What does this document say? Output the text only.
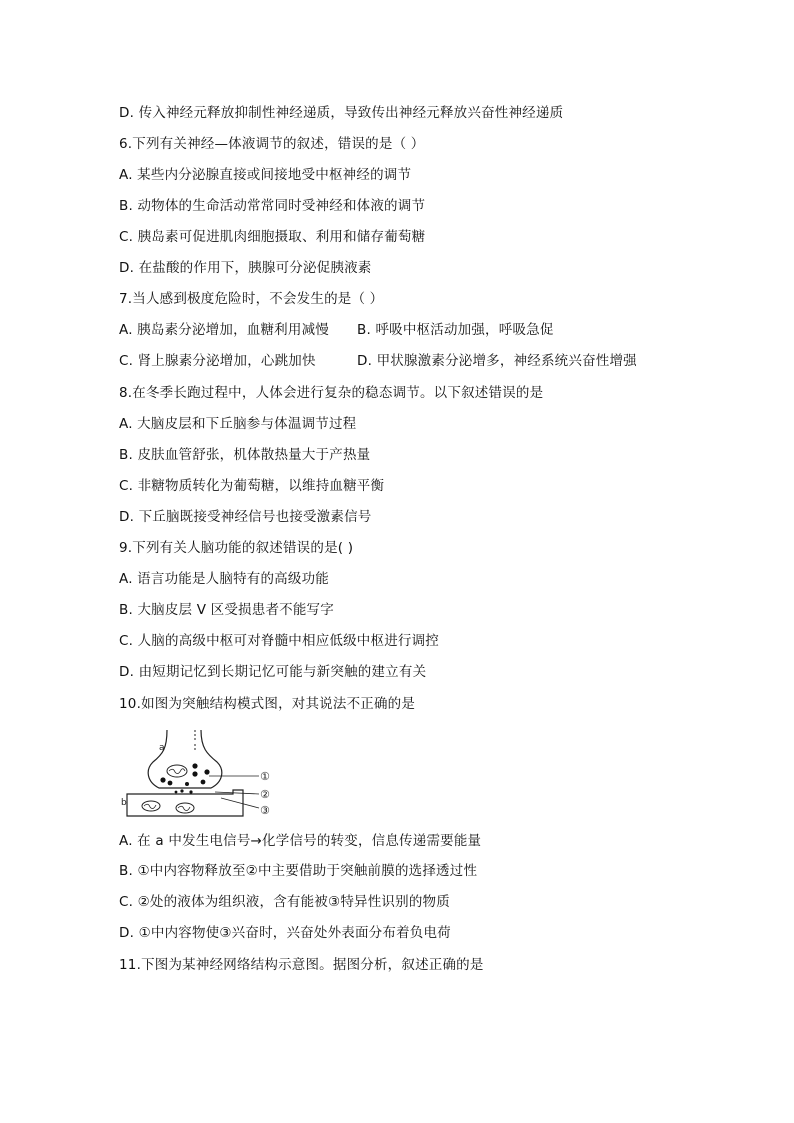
D. 传入神经元释放抑制性神经递质，导致传出神经元释放兴奋性神经递质
6.下列有关神经—体液调节的叙述，错误的是（ ）
A. 某些内分泌腺直接或间接地受中枢神经的调节
B. 动物体的生命活动常常同时受神经和体液的调节
C. 胰岛素可促进肌肉细胞摄取、利用和储存葡萄糖
D. 在盐酸的作用下，胰腺可分泌促胰液素
7.当人感到极度危险时，不会发生的是（ ）
A. 胰岛素分泌增加，血糖利用减慢 B. 呼吸中枢活动加强，呼吸急促
C. 肾上腺素分泌增加，心跳加快	D. 甲状腺激素分泌增多，神经系统兴奋性增强
8.在冬季长跑过程中，人体会进行复杂的稳态调节。以下叙述错误的是
A. 大脑皮层和下丘脑参与体温调节过程
B. 皮肤血管舒张，机体散热量大于产热量
C. 非糖物质转化为葡萄糖，以维持血糖平衡
D. 下丘脑既接受神经信号也接受激素信号
9.下列有关人脑功能的叙述错误的是( )
A. 语言功能是人脑特有的高级功能
B. 大脑皮层 V 区受损患者不能写字
C. 人脑的高级中枢可对脊髓中相应低级中枢进行调控
D. 由短期记忆到长期记忆可能与新突触的建立有关
10.如图为突触结构模式图，对其说法不正确的是
a
b
①
②
③
A. 在 a 中发生电信号→化学信号的转变，信息传递需要能量
B. ①中内容物释放至②中主要借助于突触前膜的选择透过性
C. ②处的液体为组织液，含有能被③特异性识别的物质
D. ①中内容物使③兴奋时，兴奋处外表面分布着负电荷
11.下图为某神经网络结构示意图。据图分析，叙述正确的是
